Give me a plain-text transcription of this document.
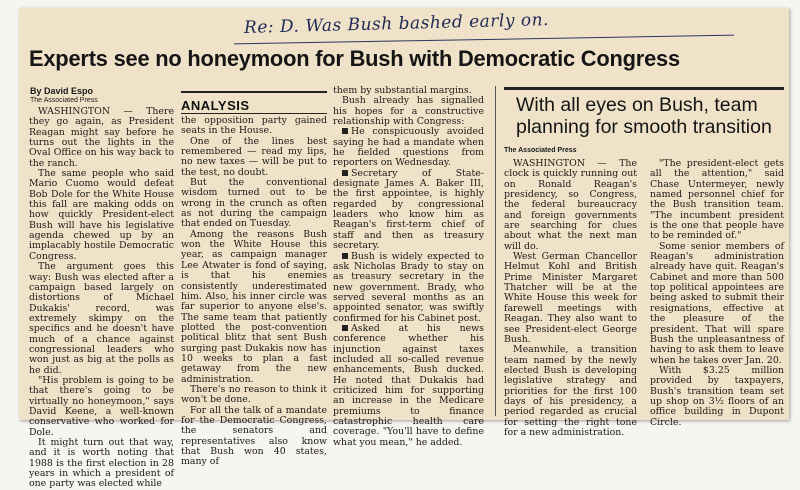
Re: D. Was Bush bashed early on.
Experts see no honeymoon for Bush with Democratic Congress
By David Espo
The Associated Press

WASHINGTON — There they go again, as President Reagan might say before he turns out the lights in the Oval Office on his way back to the ranch.

The same people who said Mario Cuomo would defeat Bob Dole for the White House this fall are making odds on how quickly President-elect Bush will have his legislative agenda chewed up by an implacably hostile Democratic Congress.

The argument goes this way: Bush was elected after a campaign based largely on distortions of Michael Dukakis' record, was extremely skimpy on the specifics and he doesn't have much of a chance against congressional leaders who won just as big at the polls as he did.

"His problem is going to be that there's going to be virtually no honeymoon," says David Keene, a well-known conservative who worked for Dole.

It might turn out that way, and it is worth noting that 1988 is the first election in 28 years in which a president of one party was elected while

ANALYSIS

the opposition party gained seats in the House.

One of the lines best remembered — read my lips, no new taxes — will be put to the test, no doubt.

But the conventional wisdom turned out to be wrong in the crunch as often as not during the campaign that ended on Tuesday.

Among the reasons Bush won the White House this year, as campaign manager Lee Atwater is fond of saying, is that his enemies consistently underestimated him. Also, his inner circle was far superior to anyone else's. The same team that patiently plotted the post-convention political blitz that sent Bush surging past Dukakis now has 10 weeks to plan a fast getaway from the new administration.

There's no reason to think it won't be done.

For all the talk of a mandate for the Democratic Congress, the senators and representatives also know that Bush won 40 states, many of

them by substantial margins.

Bush already has signalled his hopes for a constructive relationship with Congress:

He conspicuously avoided saying he had a mandate when he fielded questions from reporters on Wednesday.

Secretary of State-designate James A. Baker III, the first appointee, is highly regarded by congressional leaders who know him as Reagan's first-term chief of staff and then as treasury secretary.

Bush is widely expected to ask Nicholas Brady to stay on as treasury secretary in the new government. Brady, who served several months as an appointed senator, was swiftly confirmed for his Cabinet post.

Asked at his news conference whether his injunction against taxes included all so-called revenue enhancements, Bush ducked. He noted that Dukakis had criticized him for supporting an increase in the Medicare premiums to finance catastrophic health care coverage. "You'll have to define what you mean," he added.

With all eyes on Bush, team
planning for smooth transition
The Associated Press

WASHINGTON — The clock is quickly running out on Ronald Reagan's presidency, so Congress, the federal bureaucracy and foreign governments are searching for clues about what the next man will do.

West German Chancellor Helmut Kohl and British Prime Minister Margaret Thatcher will be at the White House this week for farewell meetings with Reagan. They also want to see President-elect George Bush.

Meanwhile, a transition team named by the newly elected Bush is developing legislative strategy and priorities for the first 100 days of his presidency, a period regarded as crucial for setting the right tone for a new administration.

"The president-elect gets all the attention," said Chase Untermeyer, newly named personnel chief for the Bush transition team. "The incumbent president is the one that people have to be reminded of."

Some senior members of Reagan's administration already have quit. Reagan's Cabinet and more than 500 top political appointees are being asked to submit their resignations, effective at the pleasure of the president. That will spare Bush the unpleasantness of having to ask them to leave when he takes over Jan. 20.

With $3.25 million provided by taxpayers, Bush's transition team set up shop on 3½ floors of an office building in Dupont Circle.
